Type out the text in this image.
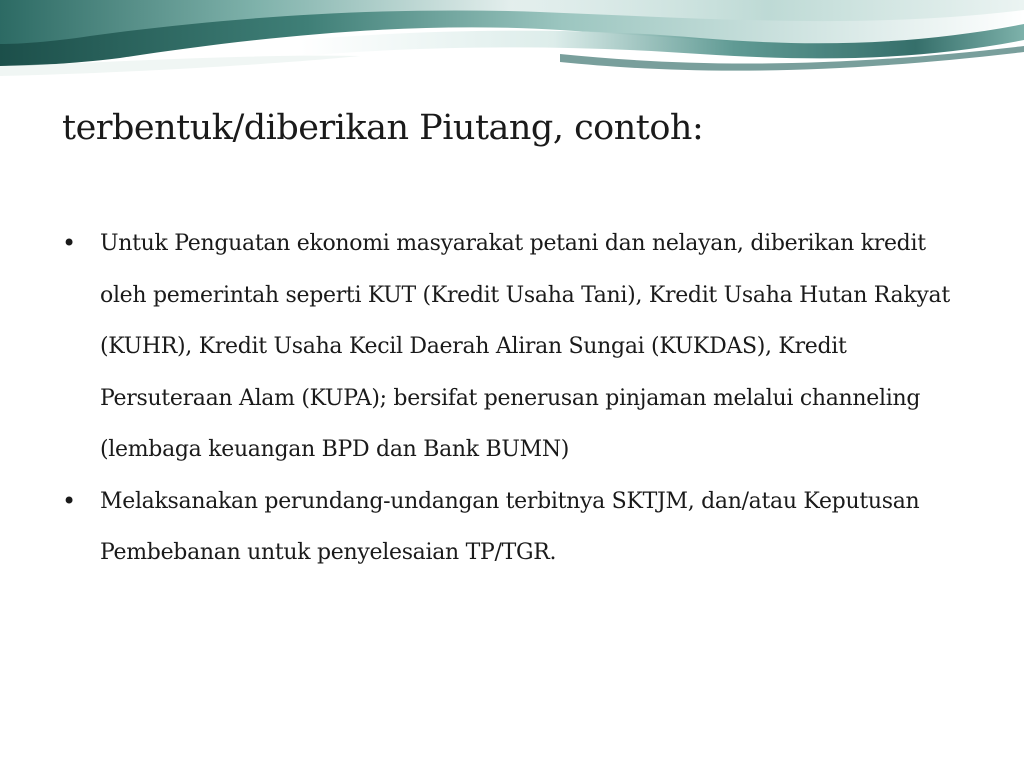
terbentuk/diberikan Piutang, contoh:
• Untuk Penguatan ekonomi masyarakat petani dan nelayan, diberikan kredit oleh pemerintah seperti KUT (Kredit Usaha Tani), Kredit Usaha Hutan Rakyat (KUHR), Kredit Usaha Kecil Daerah Aliran Sungai (KUKDAS), Kredit Persuteraan Alam (KUPA); bersifat penerusan pinjaman melalui channeling (lembaga keuangan BPD dan Bank BUMN)
• Melaksanakan perundang-undangan terbitnya SKTJM, dan/atau Keputusan Pembebanan untuk penyelesaian TP/TGR.
